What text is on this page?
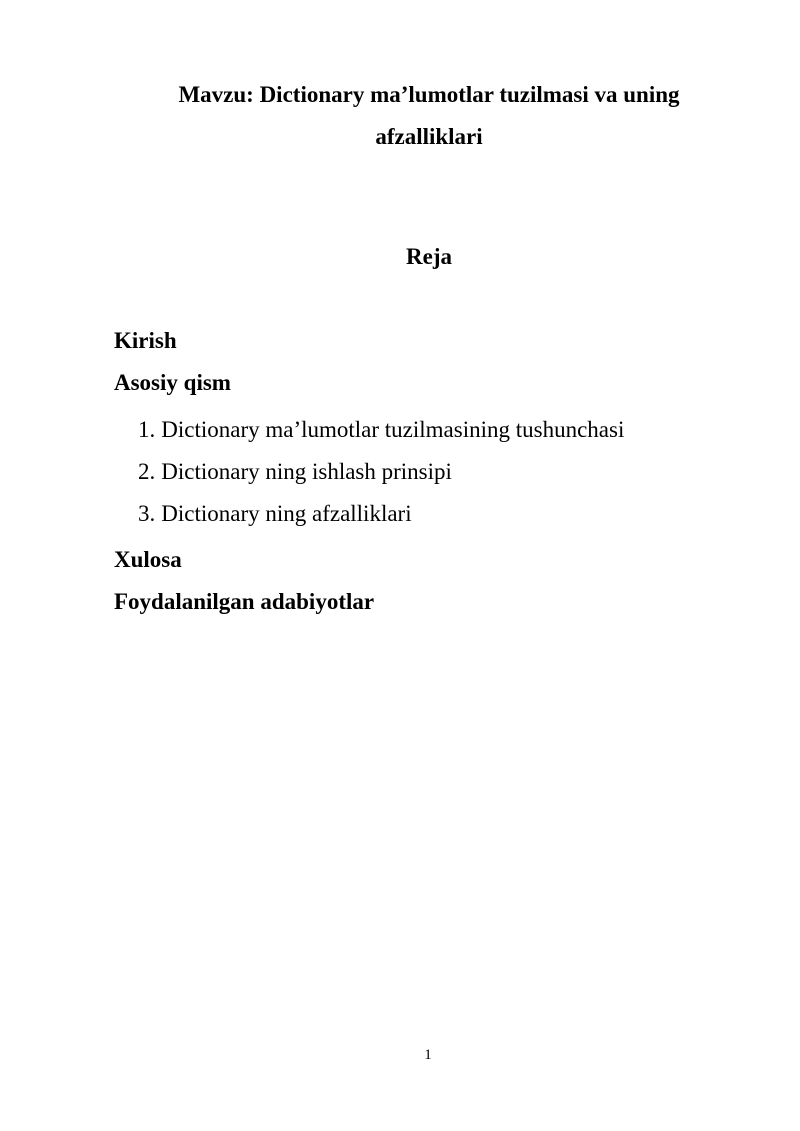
Mavzu: Dictionary ma’lumotlar tuzilmasi va uning
afzalliklari
Reja
Kirish
Asosiy qism
1. Dictionary ma’lumotlar tuzilmasining tushunchasi
2. Dictionary ning ishlash prinsipi
3. Dictionary ning afzalliklari
Xulosa
Foydalanilgan adabiyotlar
1
